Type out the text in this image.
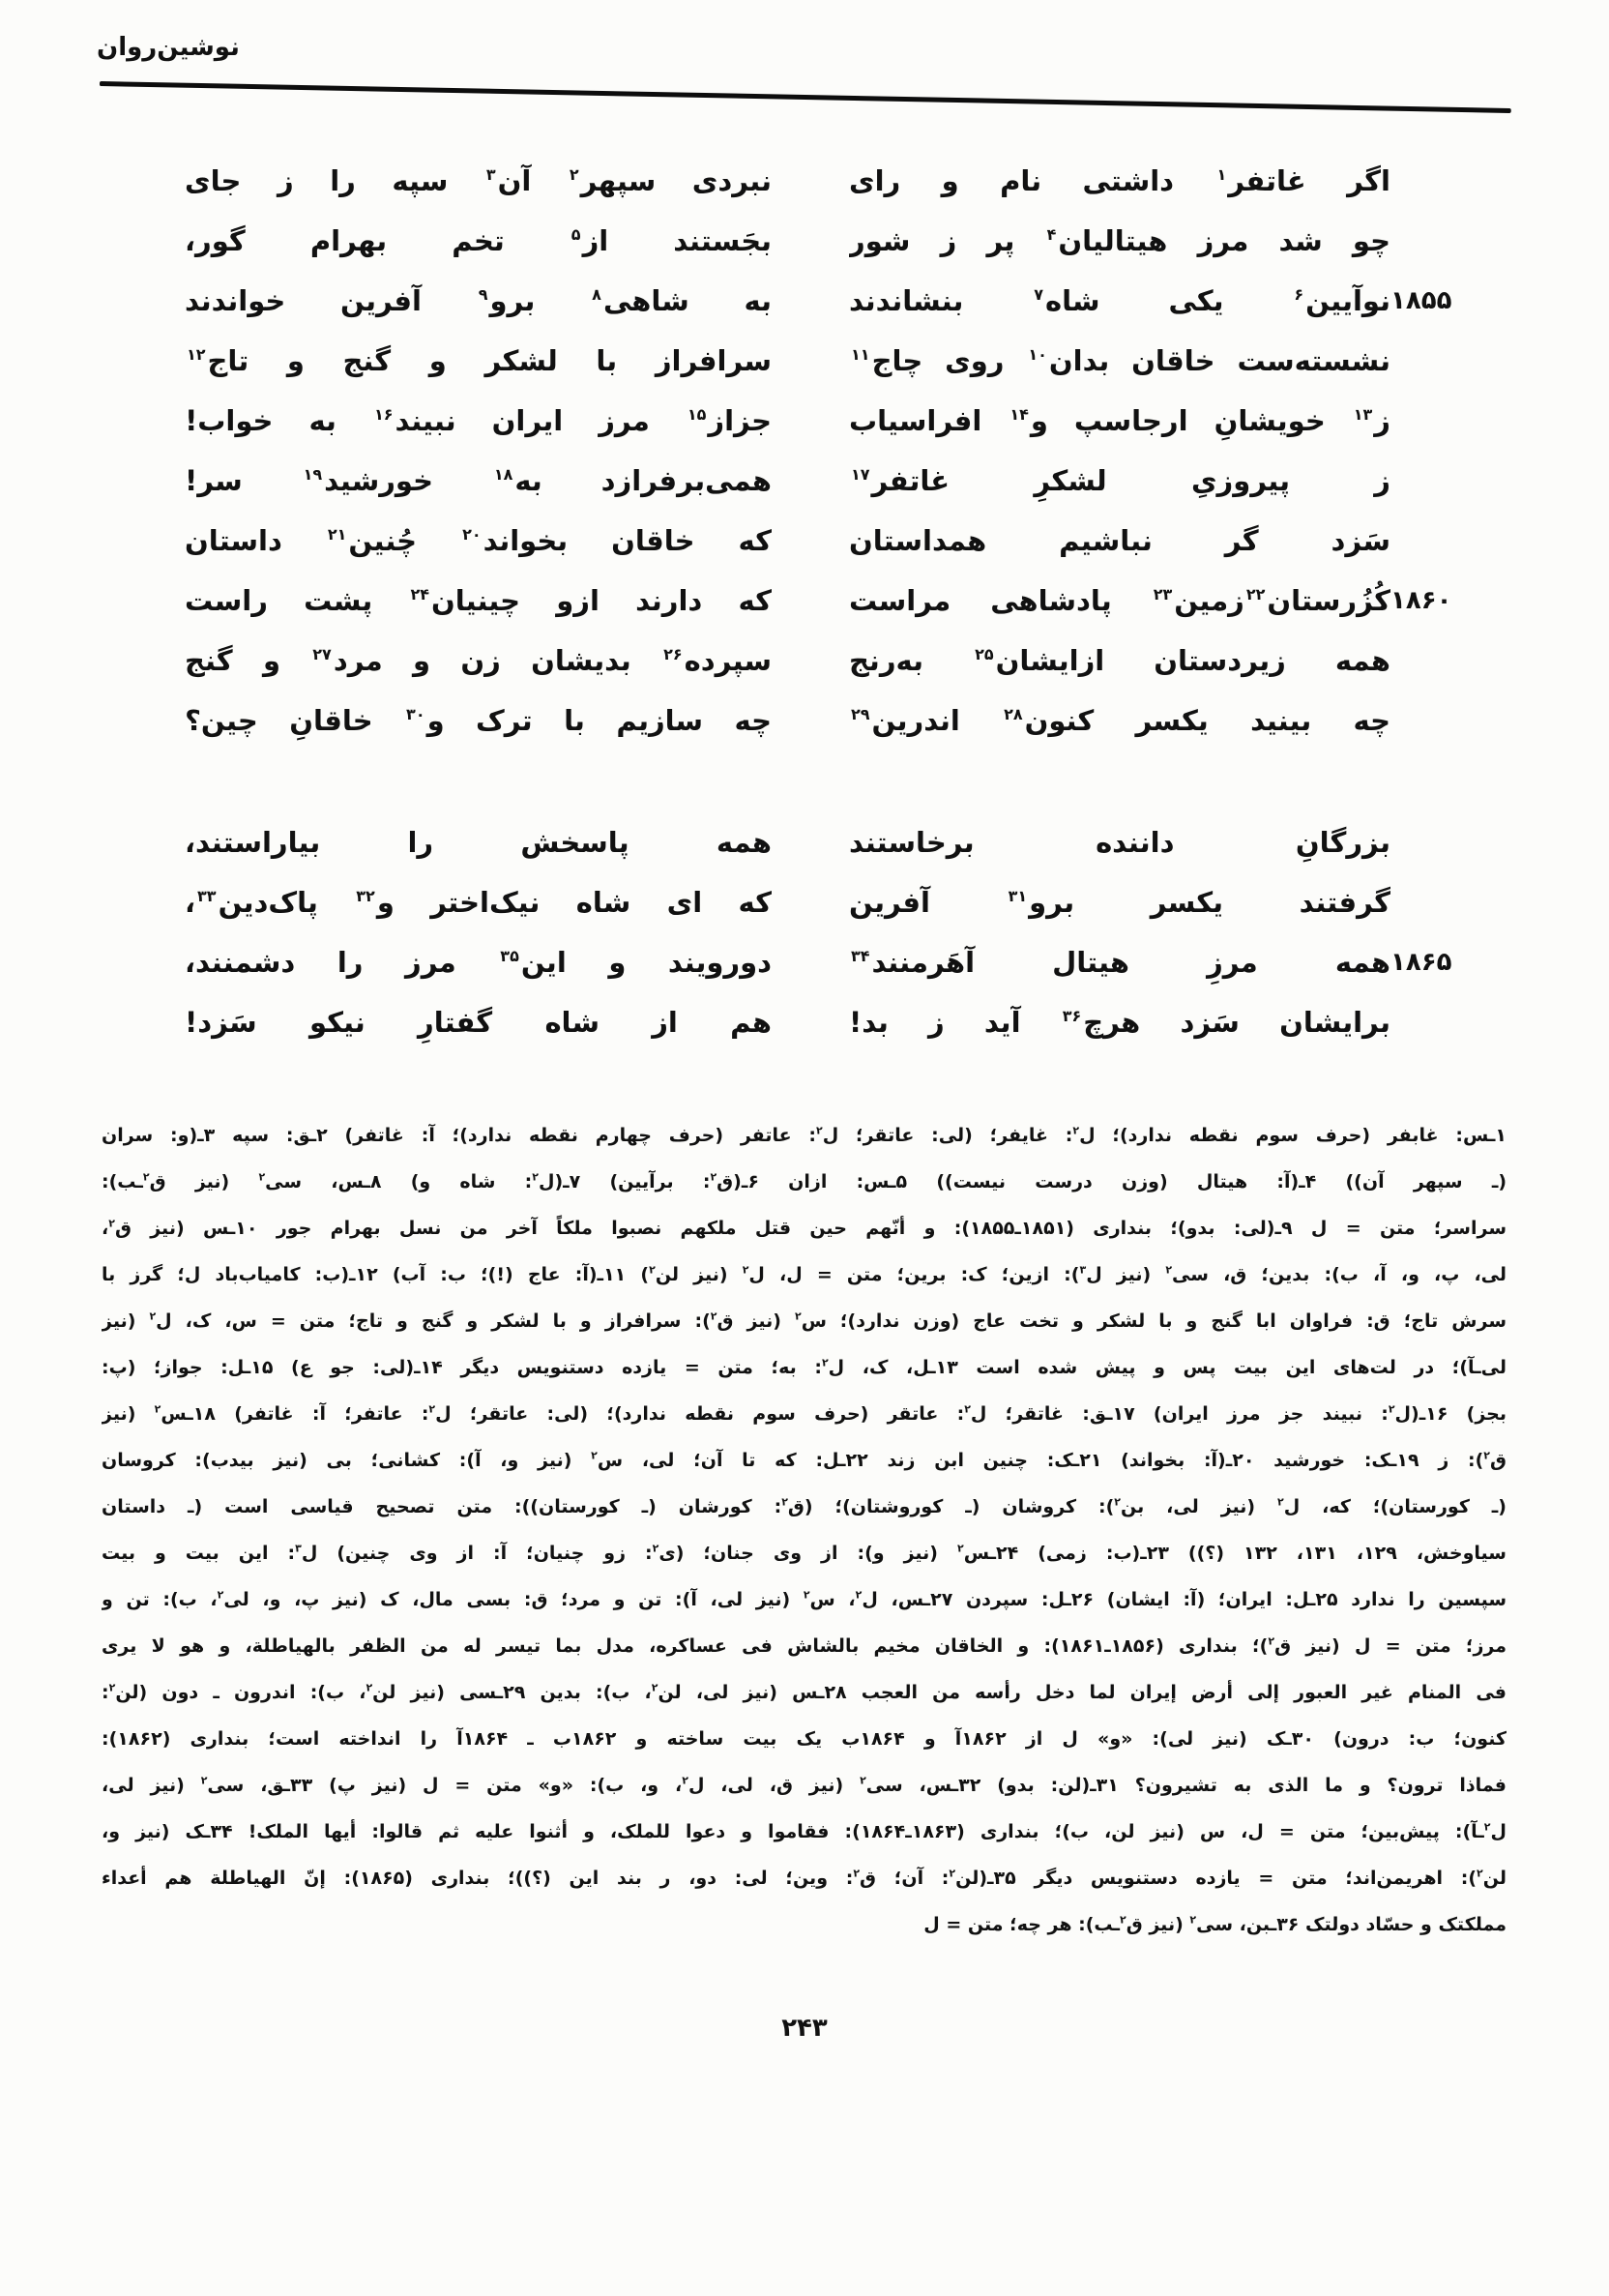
نوشین‌روان
اگر
غاتفر$^۱$
داشتی
نام
و
رای
نبردی
سپهر$^۲$
آن$^۳$
سپه
را
ز
جای
چو
شد
مرز
هیتالیان$^۴$
پر
ز
شور
بجَستند
از$^۵$
تخم
بهرام
گور،
۱۸۵۵
نوآیین$^۶$
یکی
شاه$^۷$
بنشاندند
به
شاهی$^۸$
برو$^۹$
آفرین
خواندند
نشسته‌ست
خاقان
بدان$^{۱۰}$
روی
چاج$^{۱۱}$
سرافراز
با
لشکر
و
گنج
و
تاج$^{۱۲}$
ز$^{۱۳}$
خویشانِ
ارجاسپ
و$^{۱۴}$
افراسیاب
جزاز$^{۱۵}$
مرز
ایران
نبیند$^{۱۶}$
به
خواب!
ز
پیروزیِ
لشکرِ
غاتفر$^{۱۷}$
همی‌برفرازد
به$^{۱۸}$
خورشید$^{۱۹}$
سر!
سَزد
گر
نباشیم
همداستان
که
خاقان
بخواند$^{۲۰}$
چُنین$^{۲۱}$
داستان
۱۸۶۰
کُزُرستان$^{۲۲}$زمین$^{۲۳}$
پادشاهی
مراست
که
دارند
ازو
چینیان$^{۲۴}$
پشت
راست
همه
زیردستان
ازایشان$^{۲۵}$
به‌رنج
سپرده$^{۲۶}$
بدیشان
زن
و
مرد$^{۲۷}$
و
گنج
چه
بینید
یکسر
کنون$^{۲۸}$
اندرین$^{۲۹}$
چه
سازیم
با
ترک
و$^{۳۰}$
خاقانِ
چین؟
بزرگانِ
داننده
برخاستند
همه
پاسخش
را
بیاراستند،
گرفتند
یکسر
برو$^{۳۱}$
آفرین
که
ای
شاه
نیک‌اختر
و$^{۳۲}$
پاک‌دین$^{۳۳}$،
۱۸۶۵
همه
مرزِ
هیتال
آهَرمنند$^{۳۴}$
دورویند
و
این$^{۳۵}$
مرز
را
دشمنند،
برایشان
سَزد
هرچ$^{۳۶}$
آید
ز
بد!
هم
از
شاه
گفتارِ
نیکو
سَزد!
۱ـس: غابفر (حرف سوم نقطه ندارد)؛ ل$^۲$: غایفر؛ (لی: عاتقر؛ ل$^۲$: عاتفر (حرف چهارم نقطه ندارد)؛ آ: غاتفر) ۲ـق: سپه ۳ـ(و: سران
(ـ سپهر آن)) ۴ـ(آ: هیتال (وزن درست نیست)) ۵ـس: ازان ۶ـ(ق$^۲$: برآیین) ۷ـ(ل$^۲$: شاه و) ۸ـس، سی$^۲$ (نیز ق$^۲$ـب):
سراسر؛ متن = ل ۹ـ(لی: بدو)؛ بنداری (۱۸۵۱ـ۱۸۵۵): و أنّهم حین قتل ملکهم نصبوا ملکاً آخر من نسل بهرام جور ۱۰ـس (نیز ق$^۲$،
لی، پ، و، آ، ب): بدین؛ ق، سی$^۲$ (نیز ل$^۳$): ازین؛ ک: برین؛ متن = ل، ل$^۲$ (نیز لن$^۲$) ۱۱ـ(آ: عاج (!)؛ ب: آب) ۱۲ـ(ب: کامیاب‌باد ل؛ گرز با
سرش تاج؛ ق: فراوان ابا گنج و با لشکر و تخت عاج (وزن ندارد)؛ س$^۲$ (نیز ق$^۲$): سرافراز و با لشکر و گنج و تاج؛ متن = س، ک، ل$^۲$ (نیز
لی‌ـآ)؛ در لت‌های این بیت پس و پیش شده است ۱۳ـل، ک، ل$^۲$: به؛ متن = یازده دستنویس دیگر ۱۴ـ(لی: جو ع) ۱۵ـل: جواز؛ (پ:
بجز) ۱۶ـ(ل$^۲$: نبیند جز مرز ایران) ۱۷ـق: غاتقر؛ ل$^۲$: عاتقر (حرف سوم نقطه ندارد)؛ (لی: عاتقر؛ ل$^۲$: عاتفر؛ آ: غاتفر) ۱۸ـس$^۲$ (نیز
ق$^۲$): ز ۱۹ـک: خورشید ۲۰ـ(آ: بخواند) ۲۱ـک: چنین ابن زند ۲۲ـل: که تا آن؛ لی، س$^۲$ (نیز و، آ): کشانی؛ بی (نیز بیدب): کروسان
(ـ کورستان)؛ که، ل$^۲$ (نیز لی، بن$^۲$): کروشان (ـ کوروشتان)؛ (ق$^۲$: کورشان (ـ کورستان)): متن تصحیح قیاسی است (ـ داستان
سیاوخش، ۱۲۹، ۱۳۱، ۱۳۲ (؟)) ۲۳ـ(ب: زمی) ۲۴ـس$^۲$ (نیز و): از وی جنان؛ (ی$^۲$: زو چنیان؛ آ: از وی چنین) ل$^۳$: این بیت و بیت
سپسین را ندارد ۲۵ـل: ایران؛ (آ: ایشان) ۲۶ـل: سپردن ۲۷ـس، ل$^۲$، س$^۲$ (نیز لی، آ): تن و مرد؛ ق: بسی مال، ک (نیز پ، و، لی$^۲$، ب): تن و
مرز؛ متن = ل (نیز ق$^۲$)؛ بنداری (۱۸۵۶ـ۱۸۶۱): و الخاقان مخیم بالشاش فی عساکره، مدل بما تیسر له من الظفر بالهیاطلة، و هو لا یری
فی المنام غیر العبور إلی أرض إیران لما دخل رأسه من العجب ۲۸ـس (نیز لی، لن$^۲$، ب): بدین ۲۹ـسی (نیز لن$^۲$، ب): اندرون ـ دون (لن$^۲$:
کنون؛ ب: درون) ۳۰ـک (نیز لی): «و» ل از ۱۸۶۲آ و ۱۸۶۴ب یک بیت ساخته و ۱۸۶۲ب ـ ۱۸۶۴آ را انداخته است؛ بنداری (۱۸۶۲):
فماذا ترون؟ و ما الذی به تشیرون؟ ۳۱ـ(لن: بدو) ۳۲ـس، سی$^۲$ (نیز ق، لی، ل$^۲$، و، ب): «و» متن = ل (نیز پ) ۳۳ـق، سی$^۲$ (نیز لی،
ل$^۲$ـآ): پیش‌بین؛ متن = ل، س (نیز لن، ب)؛ بنداری (۱۸۶۳ـ۱۸۶۴): فقاموا و دعوا للملک، و أثنوا علیه ثم قالوا: أیها الملک! ۳۴ـک (نیز و،
لن$^۲$): اهریمن‌اند؛ متن = یازده دستنویس دیگر ۳۵ـ(لن$^۲$: آن؛ ق$^۲$: وین؛ لی: دو، ر بند این (؟))؛ بنداری (۱۸۶۵): إنّ الهیاطلة هم أعداء
مملکتک و حسّاد دولتک ۳۶ـبن، سی$^۲$ (نیز ق$^۲$ـب): هر چه؛ متن = ل
۲۴۳
